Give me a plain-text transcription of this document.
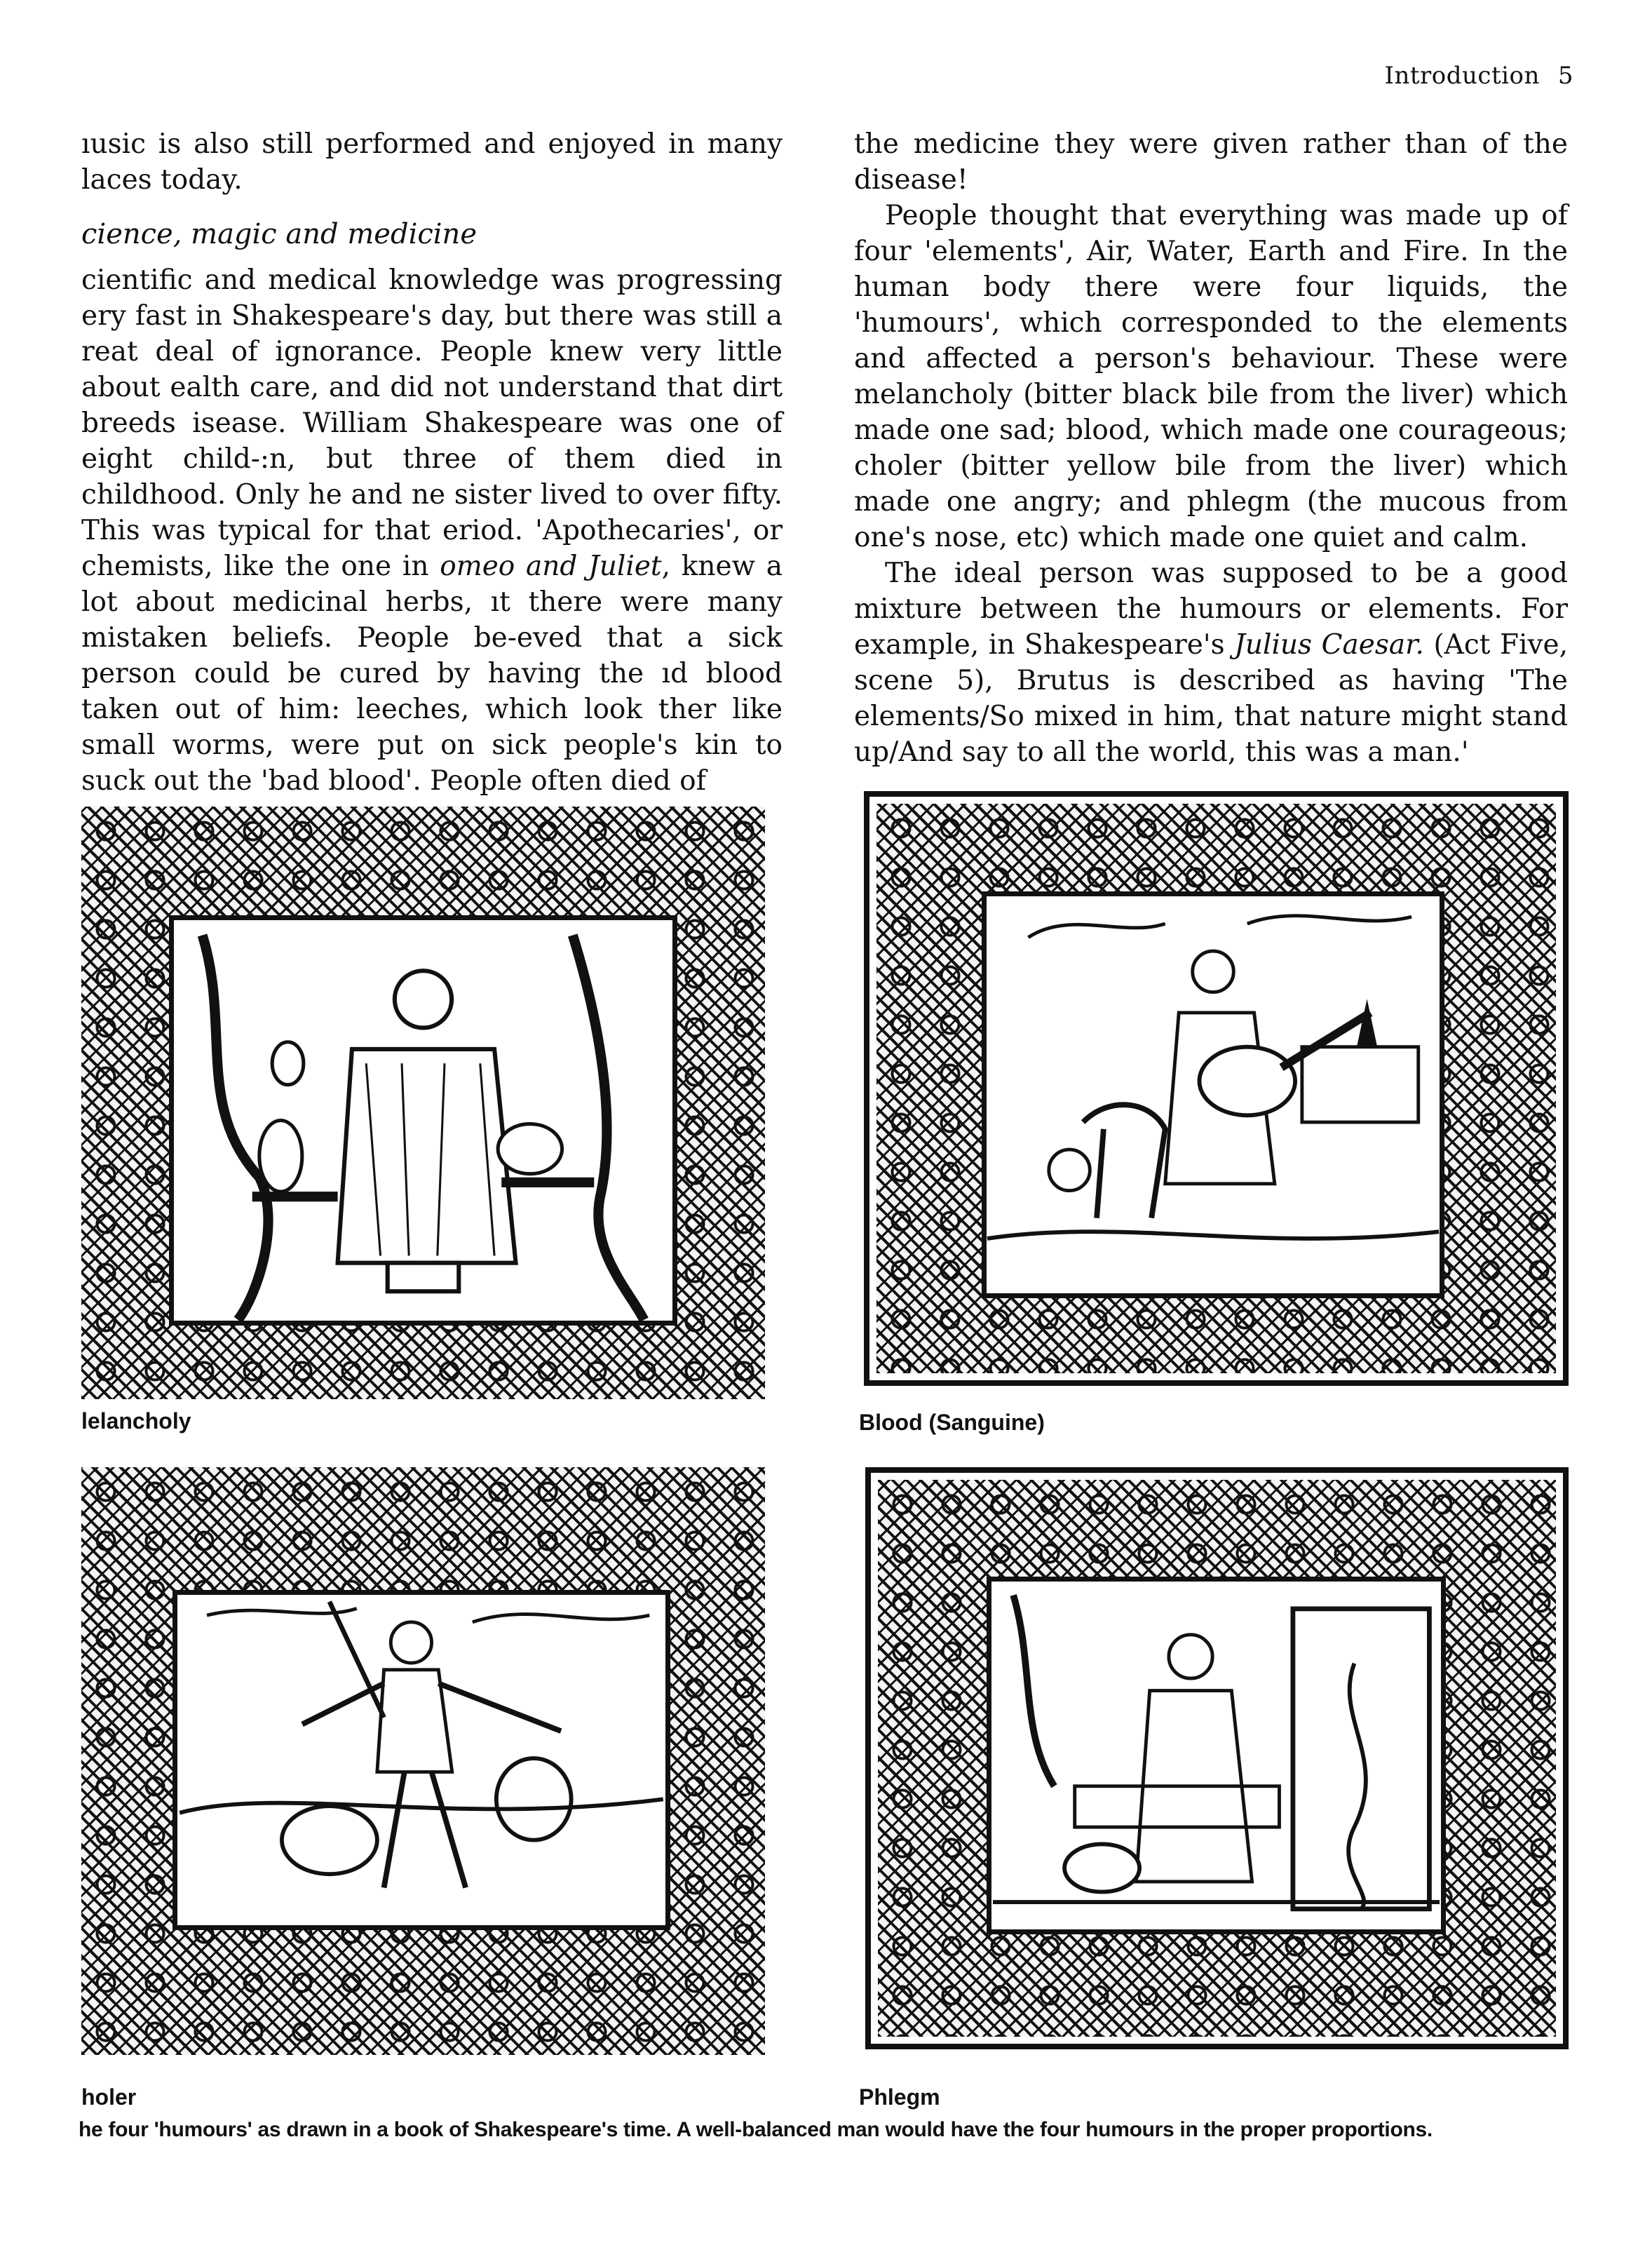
Introduction 5

ıusic is also still performed and enjoyed in many laces today.

cience, magic and medicine

cientific and medical knowledge was progressing ery fast in Shakespeare's day, but there was still a reat deal of ignorance. People knew very little about ealth care, and did not understand that dirt breeds isease. William Shakespeare was one of eight child-:n, but three of them died in childhood. Only he and ne sister lived to over fifty. This was typical for that eriod. 'Apothecaries', or chemists, like the one in omeo and Juliet, knew a lot about medicinal herbs, ıt there were many mistaken beliefs. People be-eved that a sick person could be cured by having the ıd blood taken out of him: leeches, which look ther like small worms, were put on sick people's kin to suck out the 'bad blood'. People often died of

the medicine they were given rather than of the disease!

People thought that everything was made up of four 'elements', Air, Water, Earth and Fire. In the human body there were four liquids, the 'humours', which corresponded to the elements and affected a person's behaviour. These were melancholy (bitter black bile from the liver) which made one sad; blood, which made one courageous; choler (bitter yellow bile from the liver) which made one angry; and phlegm (the mucous from one's nose, etc) which made one quiet and calm.

The ideal person was supposed to be a good mixture between the humours or elements. For example, in Shakespeare's Julius Caesar. (Act Five, scene 5), Brutus is described as having 'The elements/So mixed in him, that nature might stand up/And say to all the world, this was a man.'

lelancholy	Blood (Sanguine)
holer	Phlegm
he four 'humours' as drawn in a book of Shakespeare's time. A well-balanced man would have the four humours in the proper proportions.
